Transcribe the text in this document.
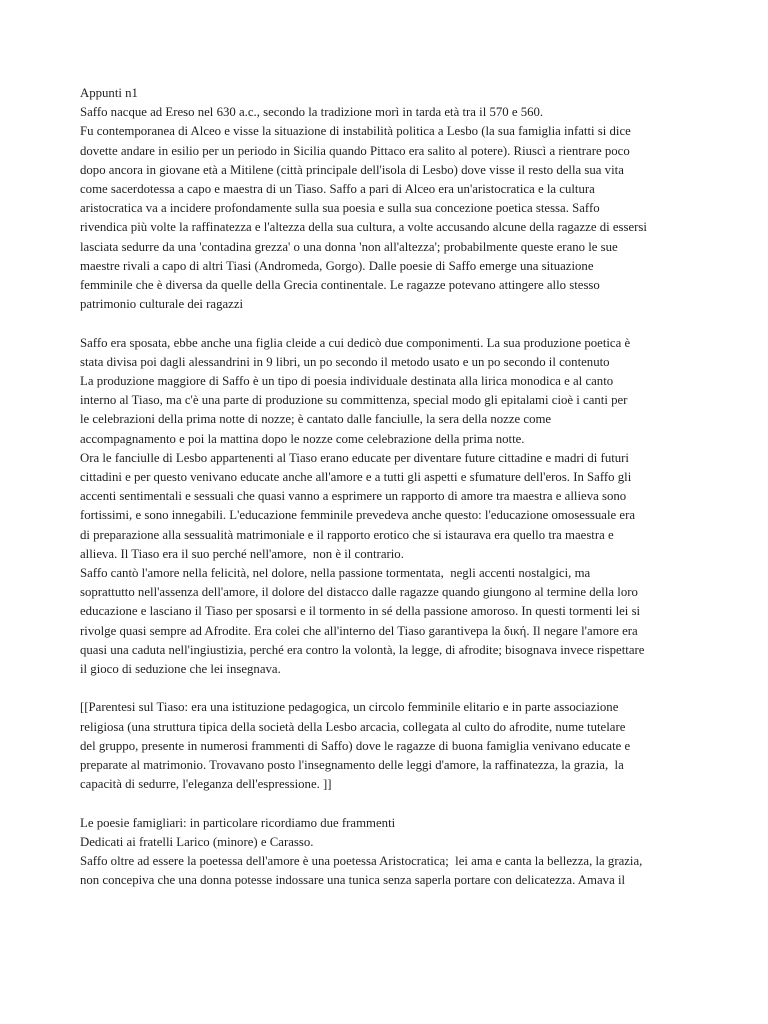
Appunti n1
Saffo nacque ad Ereso nel 630 a.c., secondo la tradizione morì in tarda età tra il 570 e 560.
Fu contemporanea di Alceo e visse la situazione di instabilità politica a Lesbo (la sua famiglia infatti si dice
dovette andare in esilio per un periodo in Sicilia quando Pittaco era salito al potere). Riuscì a rientrare poco
dopo ancora in giovane età a Mitilene (città principale dell'isola di Lesbo) dove visse il resto della sua vita
come sacerdotessa a capo e maestra di un Tiaso. Saffo a pari di Alceo era un'aristocratica e la cultura
aristocratica va a incidere profondamente sulla sua poesia e sulla sua concezione poetica stessa. Saffo
rivendica più volte la raffinatezza e l'altezza della sua cultura, a volte accusando alcune della ragazze di essersi
lasciata sedurre da una 'contadina grezza' o una donna 'non all'altezza'; probabilmente queste erano le sue
maestre rivali a capo di altri Tiasi (Andromeda, Gorgo). Dalle poesie di Saffo emerge una situazione
femminile che è diversa da quelle della Grecia continentale. Le ragazze potevano attingere allo stesso
patrimonio culturale dei ragazzi
Saffo era sposata, ebbe anche una figlia cleide a cui dedicò due componimenti. La sua produzione poetica è
stata divisa poi dagli alessandrini in 9 libri, un po secondo il metodo usato e un po secondo il contenuto
La produzione maggiore di Saffo è un tipo di poesia individuale destinata alla lirica monodica e al canto
interno al Tiaso, ma c'è una parte di produzione su committenza, special modo gli epitalami cioè i canti per
le celebrazioni della prima notte di nozze; è cantato dalle fanciulle, la sera della nozze come
accompagnamento e poi la mattina dopo le nozze come celebrazione della prima notte.
Ora le fanciulle di Lesbo appartenenti al Tiaso erano educate per diventare future cittadine e madri di futuri
cittadini e per questo venivano educate anche all'amore e a tutti gli aspetti e sfumature dell'eros. In Saffo gli
accenti sentimentali e sessuali che quasi vanno a esprimere un rapporto di amore tra maestra e allieva sono
fortissimi, e sono innegabili. L'educazione femminile prevedeva anche questo: l'educazione omosessuale era
di preparazione alla sessualità matrimoniale e il rapporto erotico che si istaurava era quello tra maestra e
allieva. Il Tiaso era il suo perché nell'amore,  non è il contrario.
Saffo cantò l'amore nella felicità, nel dolore, nella passione tormentata,  negli accenti nostalgici, ma
soprattutto nell'assenza dell'amore, il dolore del distacco dalle ragazze quando giungono al termine della loro
educazione e lasciano il Tiaso per sposarsi e il tormento in sé della passione amoroso. In questi tormenti lei si
rivolge quasi sempre ad Afrodite. Era colei che all'interno del Tiaso garantivepa la δική. Il negare l'amore era
quasi una caduta nell'ingiustizia, perché era contro la volontà, la legge, di afrodite; bisognava invece rispettare
il gioco di seduzione che lei insegnava.
[[Parentesi sul Tiaso: era una istituzione pedagogica, un circolo femminile elitario e in parte associazione
religiosa (una struttura tipica della società della Lesbo arcacia, collegata al culto do afrodite, nume tutelare
del gruppo, presente in numerosi frammenti di Saffo) dove le ragazze di buona famiglia venivano educate e
preparate al matrimonio. Trovavano posto l'insegnamento delle leggi d'amore, la raffinatezza, la grazia,  la
capacità di sedurre, l'eleganza dell'espressione. ]]
Le poesie famigliari: in particolare ricordiamo due frammenti
Dedicati ai fratelli Larico (minore) e Carasso.
Saffo oltre ad essere la poetessa dell'amore è una poetessa Aristocratica;  lei ama e canta la bellezza, la grazia,
non concepiva che una donna potesse indossare una tunica senza saperla portare con delicatezza. Amava il
